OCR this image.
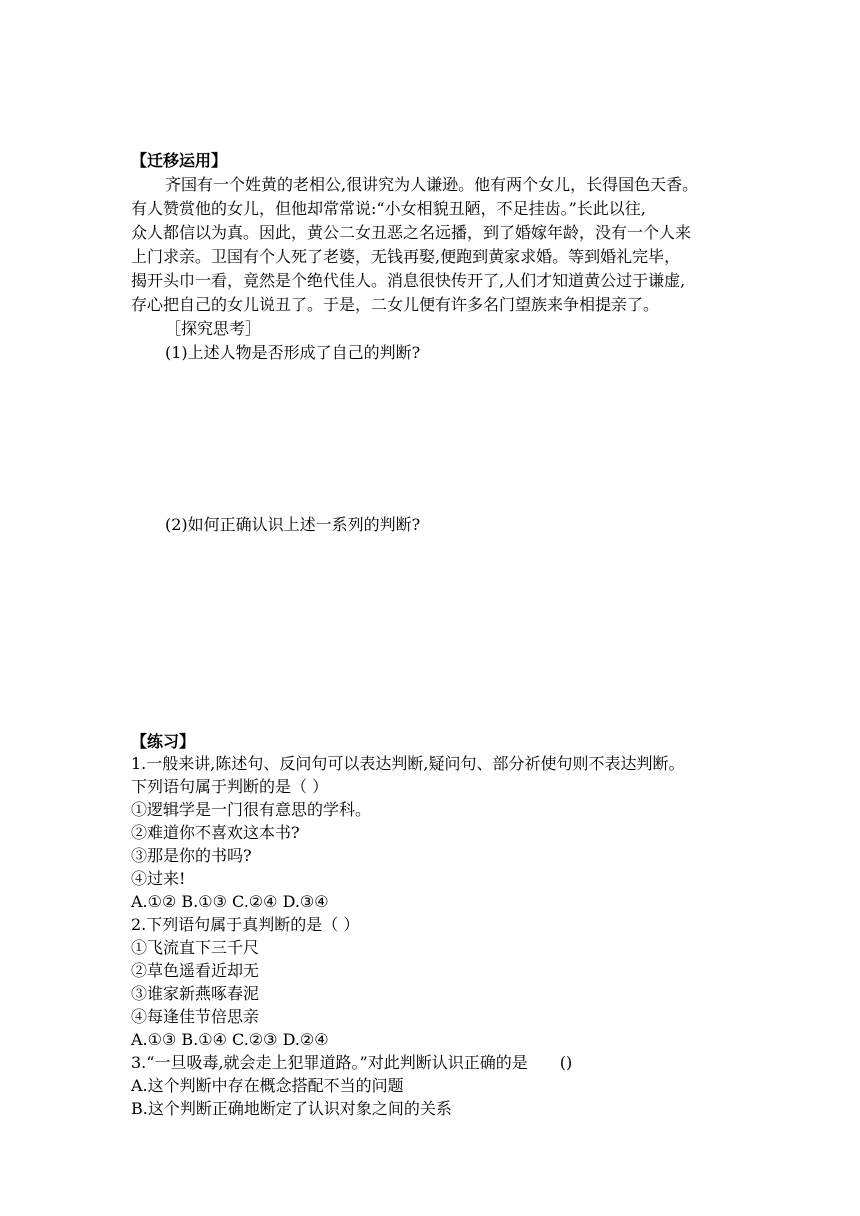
【迁移运用】
齐国有一个姓黄的老相公,很讲究为人谦逊。他有两个女儿，长得国色天香。
有人赞赏他的女儿，但他却常常说:“小女相貌丑陋，不足挂齿。”长此以往,
众人都信以为真。因此，黄公二女丑恶之名远播，到了婚嫁年龄，没有一个人来
上门求亲。卫国有个人死了老婆，无钱再娶,便跑到黄家求婚。等到婚礼完毕，
揭开头巾一看，竟然是个绝代佳人。消息很快传开了,人们才知道黄公过于谦虚,
存心把自己的女儿说丑了。于是，二女儿便有许多名门望族来争相提亲了。
［探究思考］
(1)上述人物是否形成了自己的判断?
(2)如何正确认识上述一系列的判断?
【练习】
1.一般来讲,陈述句、反问句可以表达判断,疑问句、部分祈使句则不表达判断。
下列语句属于判断的是（ ）
①逻辑学是一门很有意思的学科。
②难道你不喜欢这本书?
③那是你的书吗?
④过来!
A.①② B.①③ C.②④ D.③④
2.下列语句属于真判断的是（ ）
①飞流直下三千尺
②草色遥看近却无
③谁家新燕啄春泥
④每逢佳节倍思亲
A.①③ B.①④ C.②③ D.②④
3.“一旦吸毒,就会走上犯罪道路。”对此判断认识正确的是　　()
A.这个判断中存在概念搭配不当的问题
B.这个判断正确地断定了认识对象之间的关系
